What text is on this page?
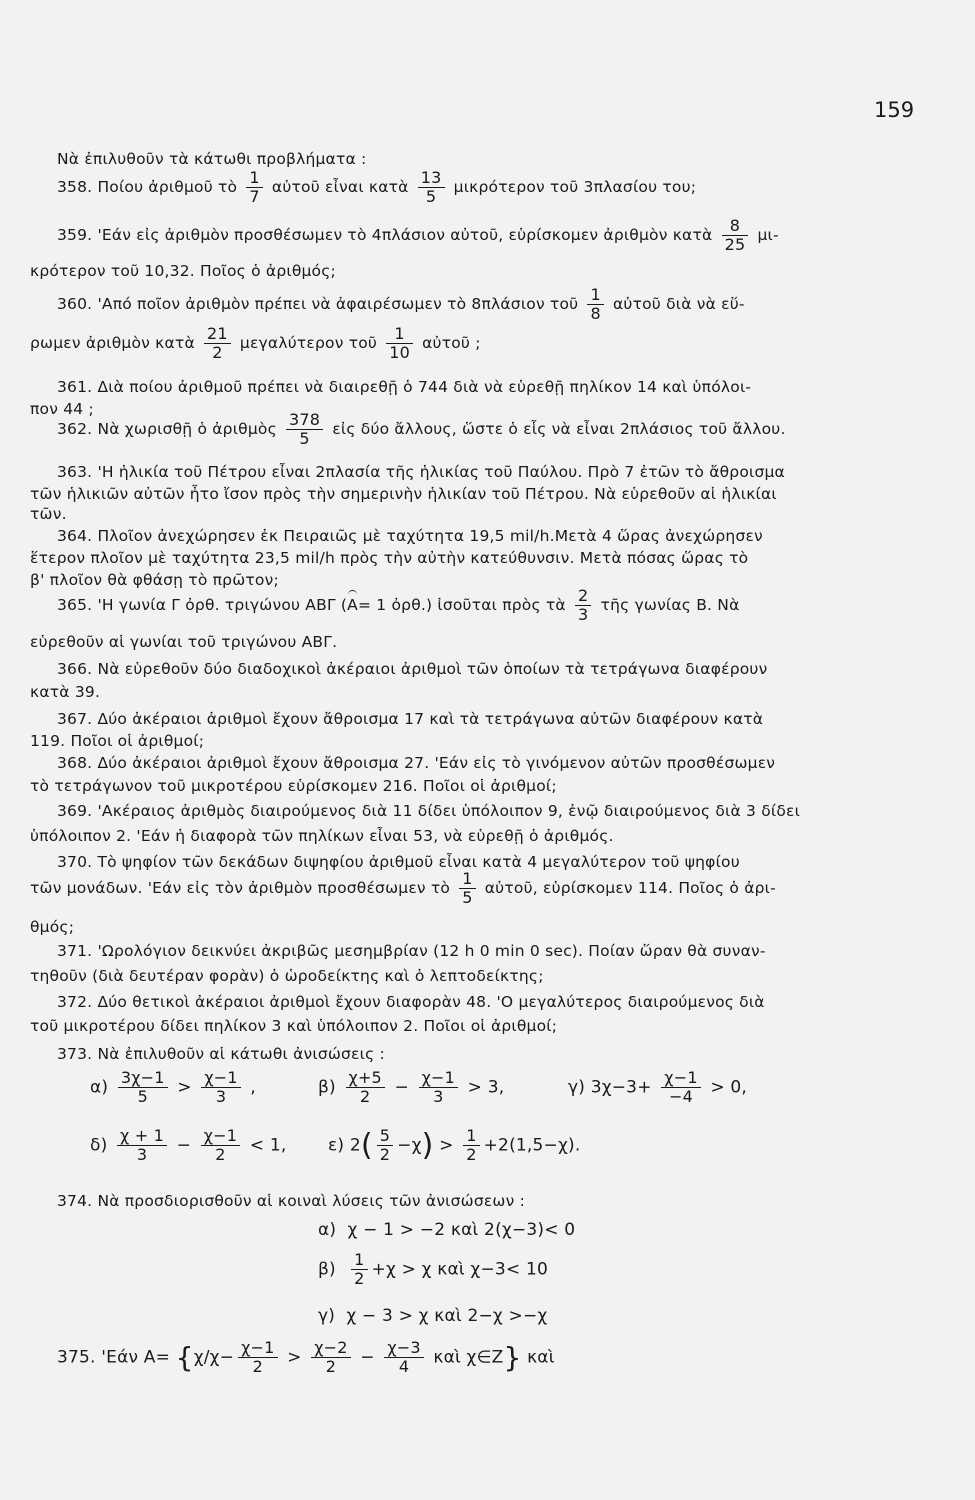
159
Νὰ ἐπιλυθοῦν τὰ κάτωθι προβλήματα :
358. Ποίου ἀριθμοῦ τὸ $\frac{1}{7}$ αὐτοῦ εἶναι κατὰ $\frac{13}{5}$ μικρότερον τοῦ 3πλασίου του;
359. 'Εάν εἰς ἀριθμὸν προσθέσωμεν τὸ 4πλάσιον αὐτοῦ, εὑρίσκομεν ἀριθμὸν κατὰ $\frac{8}{25} \mu\iota-$
κρότερον τοῦ 10,32. Ποῖος ὁ ἀριθμός;
360. 'Από ποῖον ἀριθμὸν πρέπει νὰ ἀφαιρέσωμεν τὸ 8πλάσιον τοῦ $\frac{1}{8}$ αὐτοῦ διὰ νὰ εὕ-
ρωμεν ἀριθμὸν κατὰ $\frac{21}{2}$ μεγαλύτερον τοῦ $\frac{1}{10}$ αὐτοῦ ;
361. Διὰ ποίου ἀριθμοῦ πρέπει νὰ διαιρεθῇ ὁ 744 διὰ νὰ εὑρεθῇ πηλίκον 14 καὶ ὑπόλοι-
πον 44 ;
362. Νὰ χωρισθῇ ὁ ἀριθμὸς $\frac{378}{5}$ εἰς δύο ἄλλους, ὥστε ὁ εἷς νὰ εἶναι 2πλάσιος τοῦ ἄλλου.
363. 'Η ἡλικία τοῦ Πέτρου εἶναι 2πλασία τῆς ἡλικίας τοῦ Παύλου. Πρὸ 7 ἐτῶν τὸ ἄθροισμα
τῶν ἡλικιῶν αὐτῶν ἦτο ἴσον πρὸς τὴν σημερινὴν ἡλικίαν τοῦ Πέτρου. Νὰ εὑρεθοῦν αἱ ἡλικίαι
τῶν.
364. Πλοῖον ἀνεχώρησεν ἐκ Πειραιῶς μὲ ταχύτητα 19,5 mil/h.Μετὰ 4 ὥρας ἀνεχώρησεν
ἕτερον πλοῖον μὲ ταχύτητα 23,5 mil/h πρὸς τὴν αὐτὴν κατεύθυνσιν. Μετὰ πόσας ὥρας τὸ
β' πλοῖον θὰ φθάσῃ τὸ πρῶτον;
365. 'Η γωνία Γ ὀρθ. τριγώνου ΑΒΓ (Α= 1 ὀρθ.) ἰσοῦται πρὸς τὰ $\frac{2}{3}$ τῆς γωνίας Β. Νὰ
εὑρεθοῦν αἱ γωνίαι τοῦ τριγώνου ΑΒΓ.
366. Νὰ εὑρεθοῦν δύο διαδοχικοὶ ἀκέραιοι ἀριθμοὶ τῶν ὁποίων τὰ τετράγωνα διαφέρουν
κατὰ 39.
367. Δύο ἀκέραιοι ἀριθμοὶ ἔχουν ἄθροισμα 17 καὶ τὰ τετράγωνα αὐτῶν διαφέρουν κατὰ
119. Ποῖοι οἱ ἀριθμοί;
368. Δύο ἀκέραιοι ἀριθμοὶ ἔχουν ἄθροισμα 27. 'Εάν εἰς τὸ γινόμενον αὐτῶν προσθέσωμεν
τὸ τετράγωνον τοῦ μικροτέρου εὑρίσκομεν 216. Ποῖοι οἱ ἀριθμοί;
369. 'Ακέραιος ἀριθμὸς διαιρούμενος διὰ 11 δίδει ὑπόλοιπον 9, ἐνῷ διαιρούμενος διὰ 3 δίδει
ὑπόλοιπον 2. 'Εάν ἡ διαφορὰ τῶν πηλίκων εἶναι 53, νὰ εὑρεθῇ ὁ ἀριθμός.
370. Τὸ ψηφίον τῶν δεκάδων διψηφίου ἀριθμοῦ εἶναι κατὰ 4 μεγαλύτερον τοῦ ψηφίου
τῶν μονάδων. 'Εάν εἰς τὸν ἀριθμὸν προσθέσωμεν τὸ $\frac{1}{5}$ αὐτοῦ, εὑρίσκομεν 114. Ποῖος ὁ ἀρι-
θμός;
371. 'Ωρολόγιον δεικνύει ἀκριβῶς μεσημβρίαν (12 h 0 min 0 sec). Ποίαν ὥραν θὰ συναν-
τηθοῦν (διὰ δευτέραν φορὰν) ὁ ὡροδείκτης καὶ ὁ λεπτοδείκτης;
372. Δύο θετικοὶ ἀκέραιοι ἀριθμοὶ ἔχουν διαφορὰν 48. 'Ο μεγαλύτερος διαιρούμενος διὰ
τοῦ μικροτέρου δίδει πηλίκον 3 καὶ ὑπόλοιπον 2. Ποῖοι οἱ ἀριθμοί;
373. Νὰ ἐπιλυθοῦν αἱ κάτωθι ἀνισώσεις :
$\alpha) \frac{3\chi-1}{5} > \frac{\chi-1}{3}$ ,	$\beta) \frac{\chi+5}{2} - \frac{\chi-1}{3} > 3$,	γ) $3\chi-3+ \frac{\chi-1}{-4} > 0$,
$\delta) \frac{\chi + 1}{3} - \frac{\chi-1}{2} < 1$, ε) $2( \frac{5}{2} -\chi) > \frac{1}{2} +2(1,5-\chi)$.
374. Νὰ προσδιορισθοῦν αἱ κοιναὶ λύσεις τῶν ἀνισώσεων :
α) χ − 1 > −2 καὶ 2(χ−3)< 0
$\beta) \frac{1}{2} +\chi > \chi$ καὶ χ−3< 10
γ) χ − 3 > χ καὶ 2−χ >−χ
375. 'Εάν $A= \{\chi/\chi- \frac{\chi-1}{2} > \frac{\chi-2}{2} - \frac{\chi-3}{4}$ καὶ χ∈Ζ} καὶ
